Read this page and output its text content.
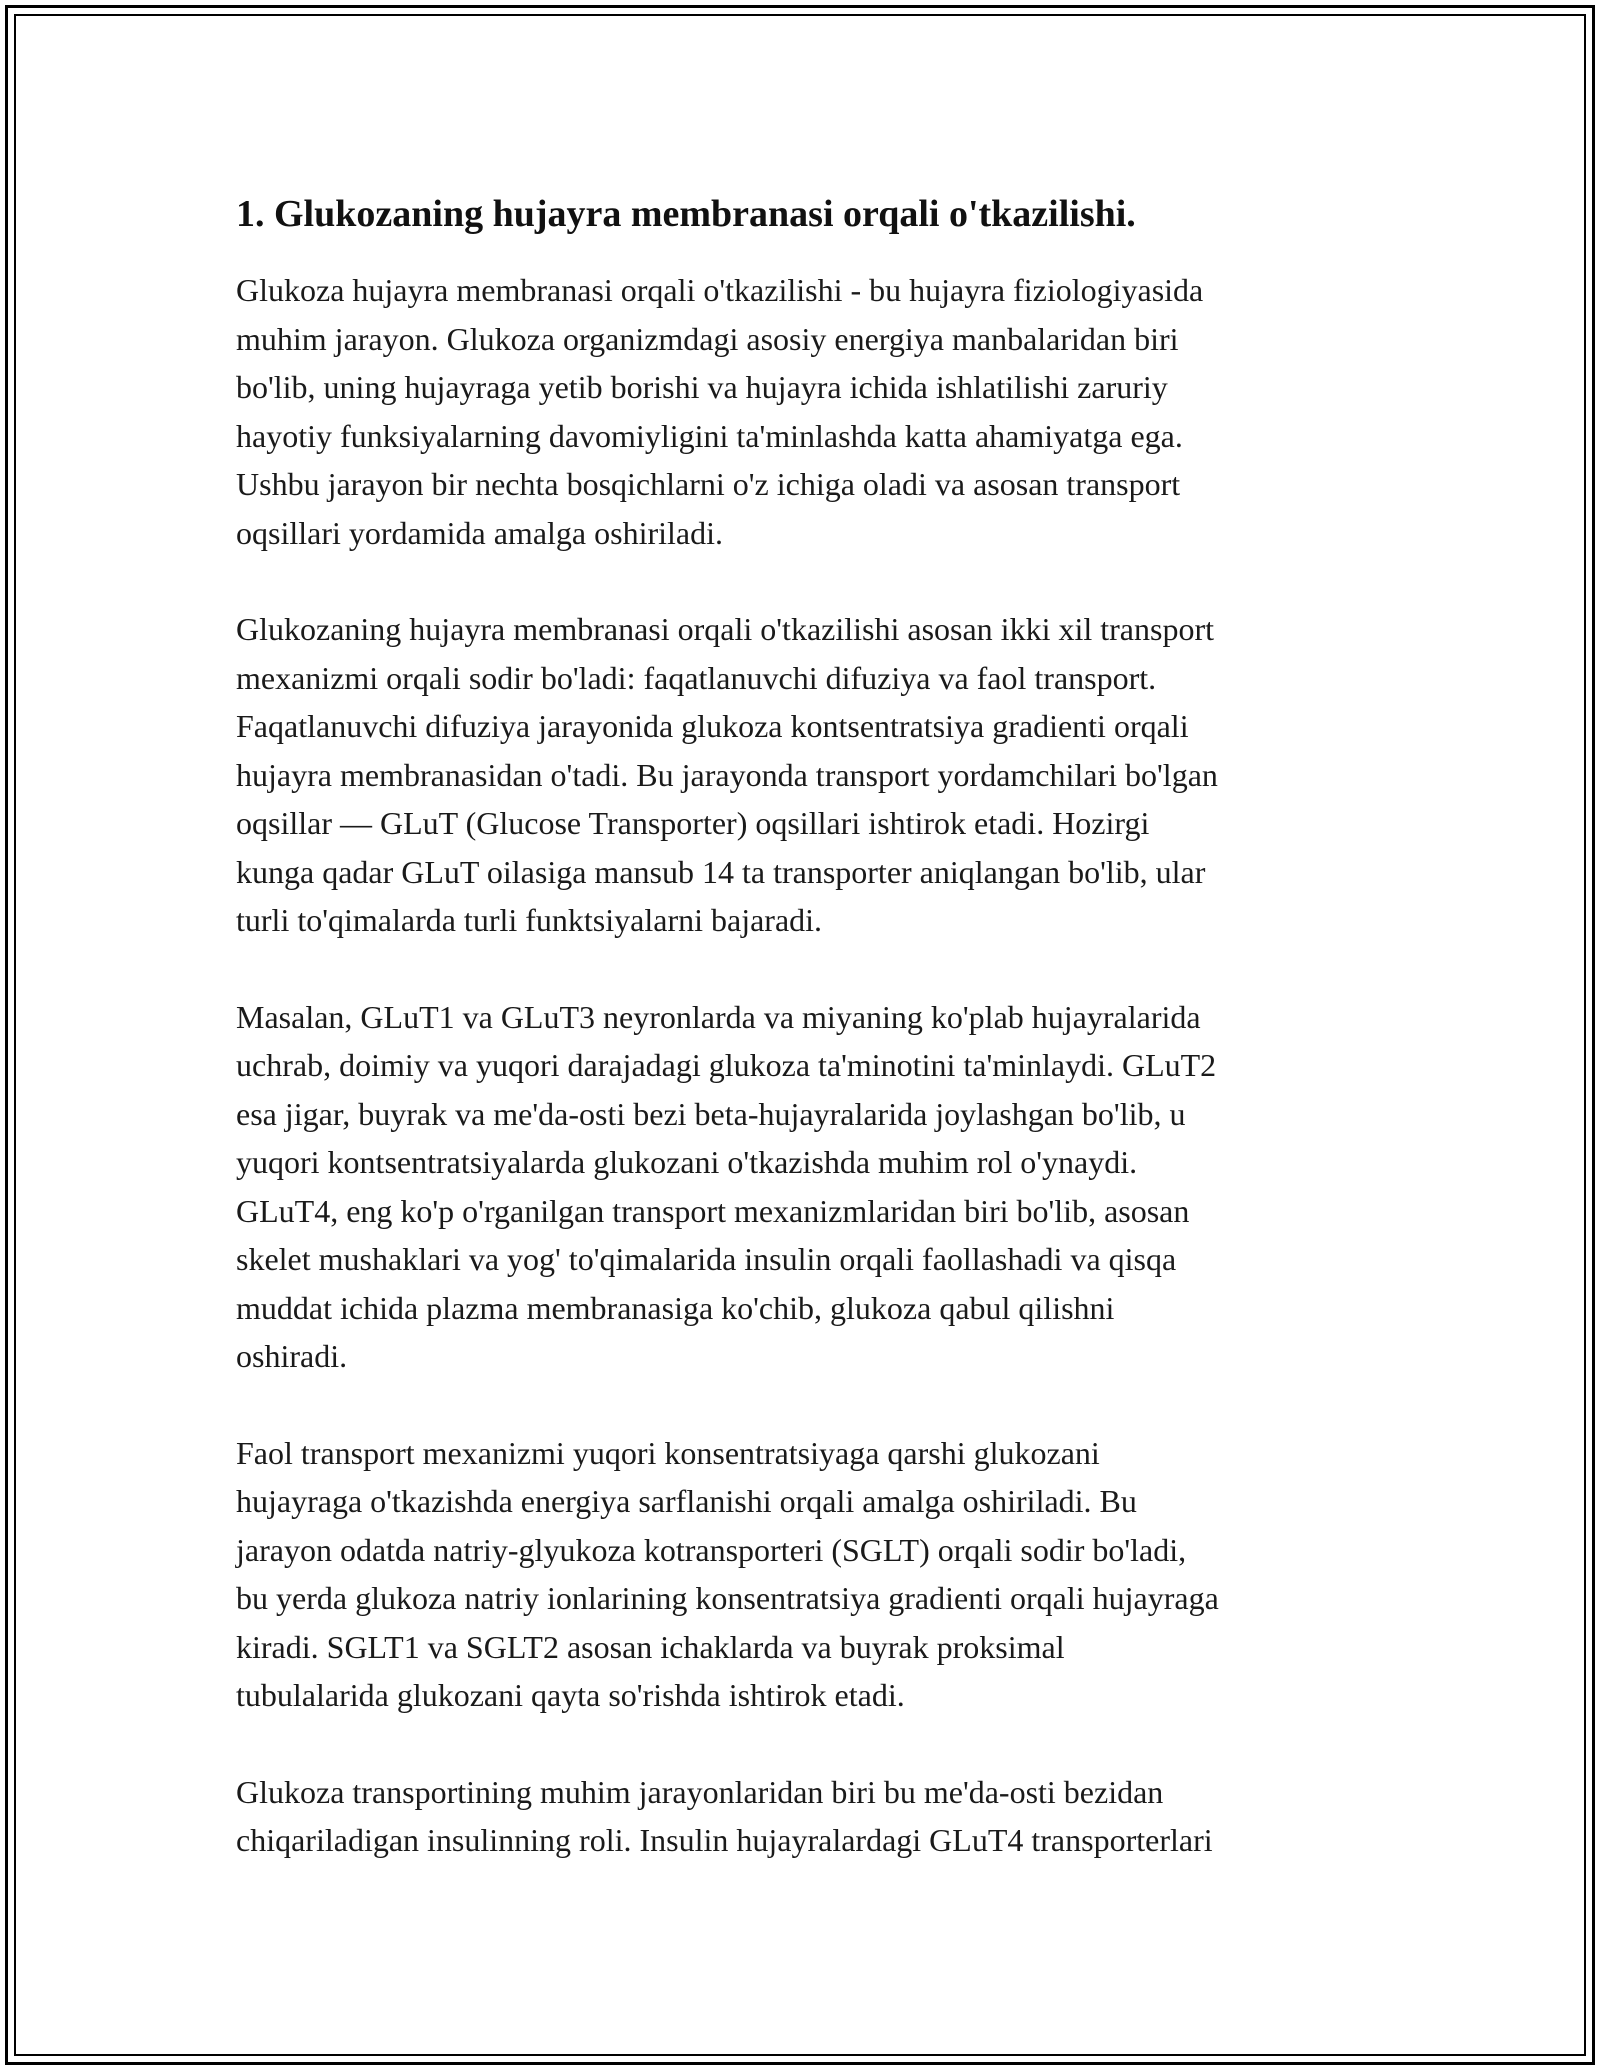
1. Glukozaning hujayra membranasi orqali o'tkazilishi.

Glukoza hujayra membranasi orqali o'tkazilishi - bu hujayra fiziologiyasida
muhim jarayon. Glukoza organizmdagi asosiy energiya manbalaridan biri
bo'lib, uning hujayraga yetib borishi va hujayra ichida ishlatilishi zaruriy
hayotiy funksiyalarning davomiyligini ta'minlashda katta ahamiyatga ega.
Ushbu jarayon bir nechta bosqichlarni o'z ichiga oladi va asosan transport
oqsillari yordamida amalga oshiriladi.

Glukozaning hujayra membranasi orqali o'tkazilishi asosan ikki xil transport
mexanizmi orqali sodir bo'ladi: faqatlanuvchi difuziya va faol transport.
Faqatlanuvchi difuziya jarayonida glukoza kontsentratsiya gradienti orqali
hujayra membranasidan o'tadi. Bu jarayonda transport yordamchilari bo'lgan
oqsillar — GLuT (Glucose Transporter) oqsillari ishtirok etadi. Hozirgi
kunga qadar GLuT oilasiga mansub 14 ta transporter aniqlangan bo'lib, ular
turli to'qimalarda turli funktsiyalarni bajaradi.

Masalan, GLuT1 va GLuT3 neyronlarda va miyaning ko'plab hujayralarida
uchrab, doimiy va yuqori darajadagi glukoza ta'minotini ta'minlaydi. GLuT2
esa jigar, buyrak va me'da-osti bezi beta-hujayralarida joylashgan bo'lib, u
yuqori kontsentratsiyalarda glukozani o'tkazishda muhim rol o'ynaydi.
GLuT4, eng ko'p o'rganilgan transport mexanizmlaridan biri bo'lib, asosan
skelet mushaklari va yog' to'qimalarida insulin orqali faollashadi va qisqa
muddat ichida plazma membranasiga ko'chib, glukoza qabul qilishni
oshiradi.

Faol transport mexanizmi yuqori konsentratsiyaga qarshi glukozani
hujayraga o'tkazishda energiya sarflanishi orqali amalga oshiriladi. Bu
jarayon odatda natriy-glyukoza kotransporteri (SGLT) orqali sodir bo'ladi,
bu yerda glukoza natriy ionlarining konsentratsiya gradienti orqali hujayraga
kiradi. SGLT1 va SGLT2 asosan ichaklarda va buyrak proksimal
tubulalarida glukozani qayta so'rishda ishtirok etadi.

Glukoza transportining muhim jarayonlaridan biri bu me'da-osti bezidan
chiqariladigan insulinning roli. Insulin hujayralardagi GLuT4 transporterlari
